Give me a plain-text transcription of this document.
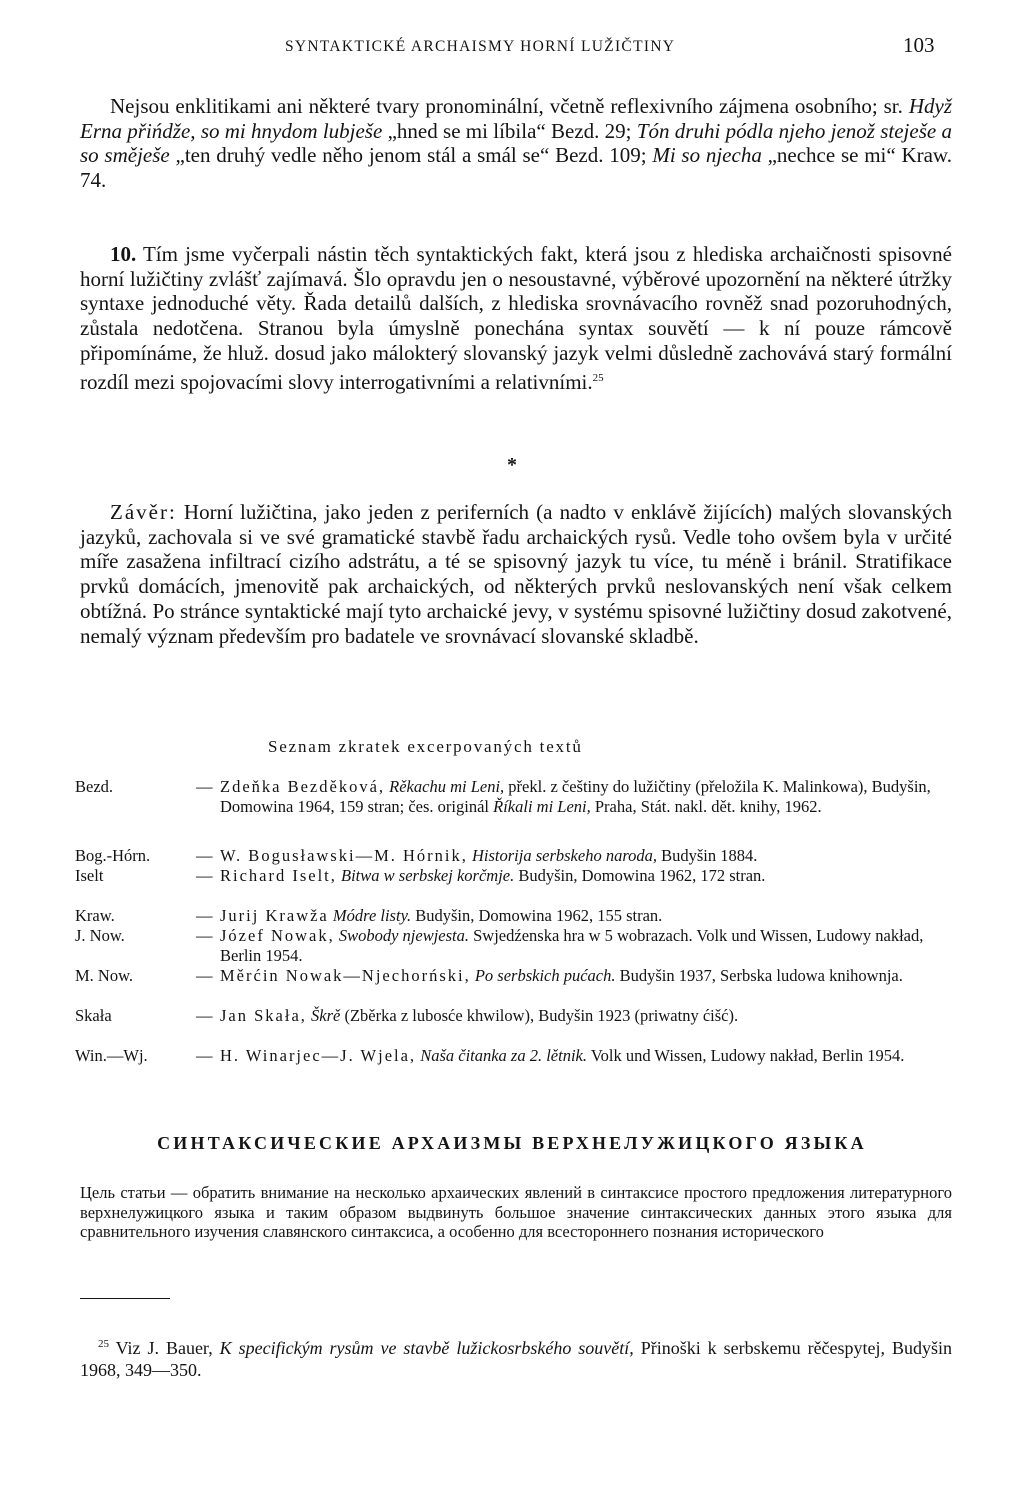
SYNTAKTICKÉ ARCHAISMY HORNÍ LUŽIČTINY	103

Nejsou enklitikami ani některé tvary pronominální, včetně reflexivního zájmena osobního; sr. Hdyž Erna přińdže, so mi hnydom lubješe „hned se mi líbila“ Bezd. 29; Tón druhi pódla njeho jenož steješe a so směješe „ten druhý vedle něho jenom stál a smál se“ Bezd. 109; Mi so njecha „nechce se mi“ Kraw. 74.

10. Tím jsme vyčerpali nástin těch syntaktických fakt, která jsou z hlediska archaičnosti spisovné horní lužičtiny zvlášť zajímavá. Šlo opravdu jen o nesoustavné, výběrové upozornění na některé útržky syntaxe jednoduché věty. Řada detailů dalších, z hlediska srovnávacího rovněž snad pozoruhodných, zůstala nedotčena. Stranou byla úmyslně ponechána syntax souvětí — k ní pouze rámcově připomínáme, že hluž. dosud jako málokterý slovanský jazyk velmi důsledně zachovává starý formální rozdíl mezi spojovacími slovy interrogativními a relativními.$^{25}$

*

Závěr: Horní lužičtina, jako jeden z periferních (a nadto v enklávě žijících) malých slovanských jazyků, zachovala si ve své gramatické stavbě řadu archaických rysů. Vedle toho ovšem byla v určité míře zasažena infiltrací cizího adstrátu, a té se spisovný jazyk tu více, tu méně i bránil. Stratifikace prvků domácích, jmenovitě pak archaických, od některých prvků neslovanských není však celkem obtížná. Po stránce syntaktické mají tyto archaické jevy, v systému spisovné lužičtiny dosud zakotvené, nemalý význam především pro badatele ve srovnávací slovanské skladbě.

Seznam zkratek excerpovaných textů
Bezd.	— Zdeňka Bezděková, Rěkachu mi Leni, překl. z češtiny do lužičtiny (přeložila K. Malinkowa), Budyšin, Domowina 1964, 159 stran; čes. originál Říkali mi Leni, Praha, Stát. nakl. dět. knihy, 1962.
Bog.-Hórn.	— W. Bogusławski—M. Hórnik, Historija serbskeho naroda, Budyšin 1884.
Iselt	— Richard Iselt, Bitwa w serbskej korčmje. Budyšin, Domowina 1962, 172 stran.
Kraw.	— Jurij Krawža Módre listy. Budyšin, Domowina 1962, 155 stran.
J. Now.	— Józef Nowak, Swobody njewjesta. Swjedźenska hra w 5 wobrazach. Volk und Wissen, Ludowy nakład, Berlin 1954.
M. Now.	— Měrćin Nowak—Njechorński, Po serbskich pućach. Budyšin 1937, Serbska ludowa knihownja.
Skała	— Jan Skała, Škrě (Zběrka z lubosće khwilow), Budyšin 1923 (priwatny ćišć).
Win.—Wj.	— H. Winarjec—J. Wjela, Naša čitanka za 2. lětnik. Volk und Wissen, Ludowy nakład, Berlin 1954.
СИНТАКСИЧЕСКИЕ АРХАИЗМЫ ВЕРХНЕЛУЖИЦКОГО ЯЗЫКА

Цель статьи — обратить внимание на несколько архаических явлений в синтаксисе простого предложения литературного верхнелужицкого языка и таким образом выдвинуть большое значение синтаксических данных этого языка для сравнительного изучения славянского синтаксиса, а особенно для всестороннего познания исторического

$^{25}$ Viz J. Bauer, K specifickým rysům ve stavbě lužickosrbského souvětí, Přinoški k serbskemu rěčespytej, Budyšin 1968, 349—350.
